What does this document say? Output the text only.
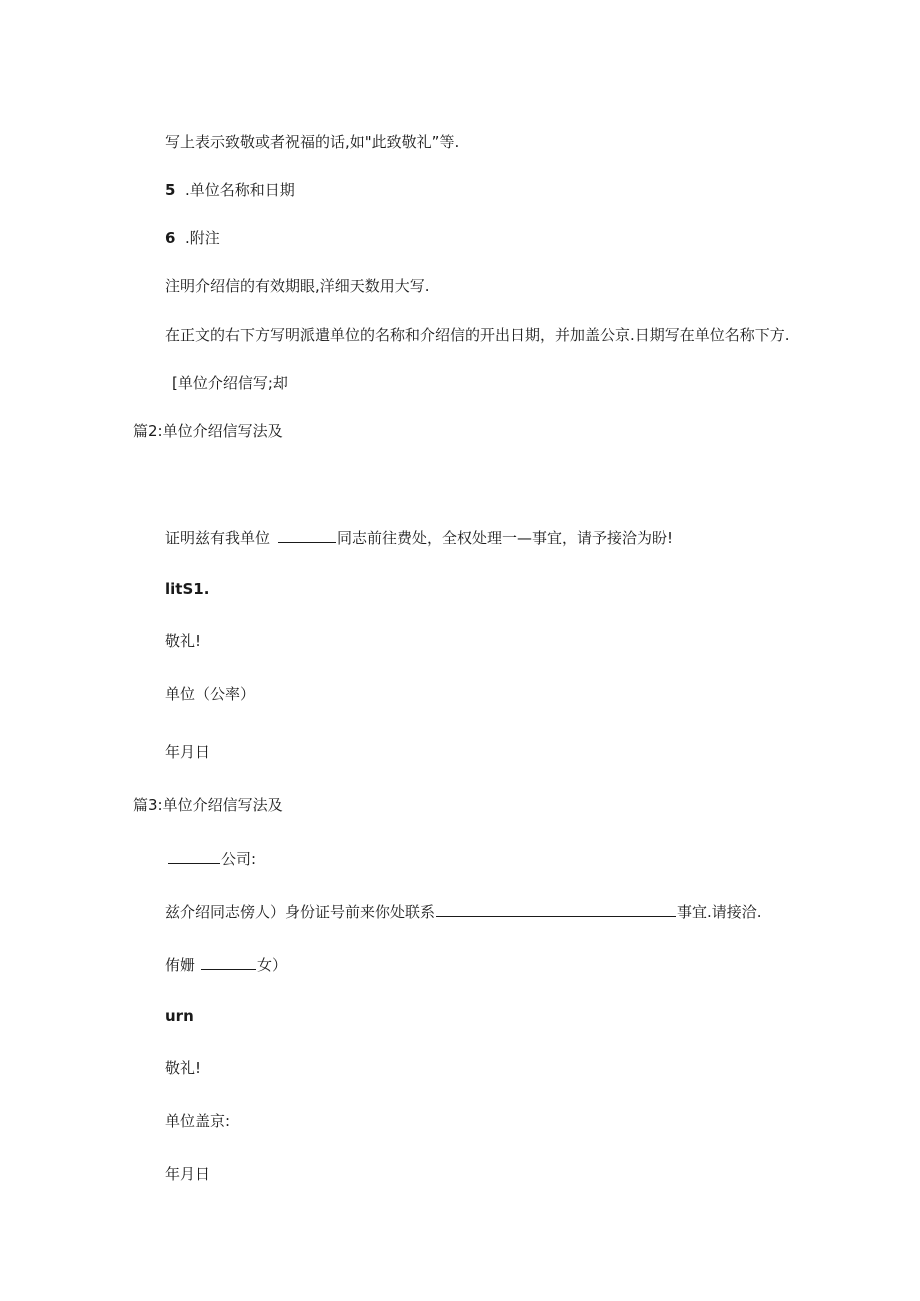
写上表示致敬或者祝福的话,如"此致敬礼”等.
5 .单位名称和日期
6 .附注
注明介绍信的有效期眼,洋细天数用大写.
在正文的右下方写明派遣单位的名称和介绍信的开出日期，并加盖公京.日期写在单位名称下方.
[单位介绍信写;却
篇2:单位介绍信写法及
证明兹有我单位	同志前往费处，全权处理一—事宜，请予接洽为盼!
litS1.
敬礼!
单位（公率）
年月日
篇3:单位介绍信写法及
公司:
兹介绍同志傍人）身份证号前来你处联系	事宜.请接洽.
侑姗	女）
urn
敬礼!
单位盖京:
年月日
